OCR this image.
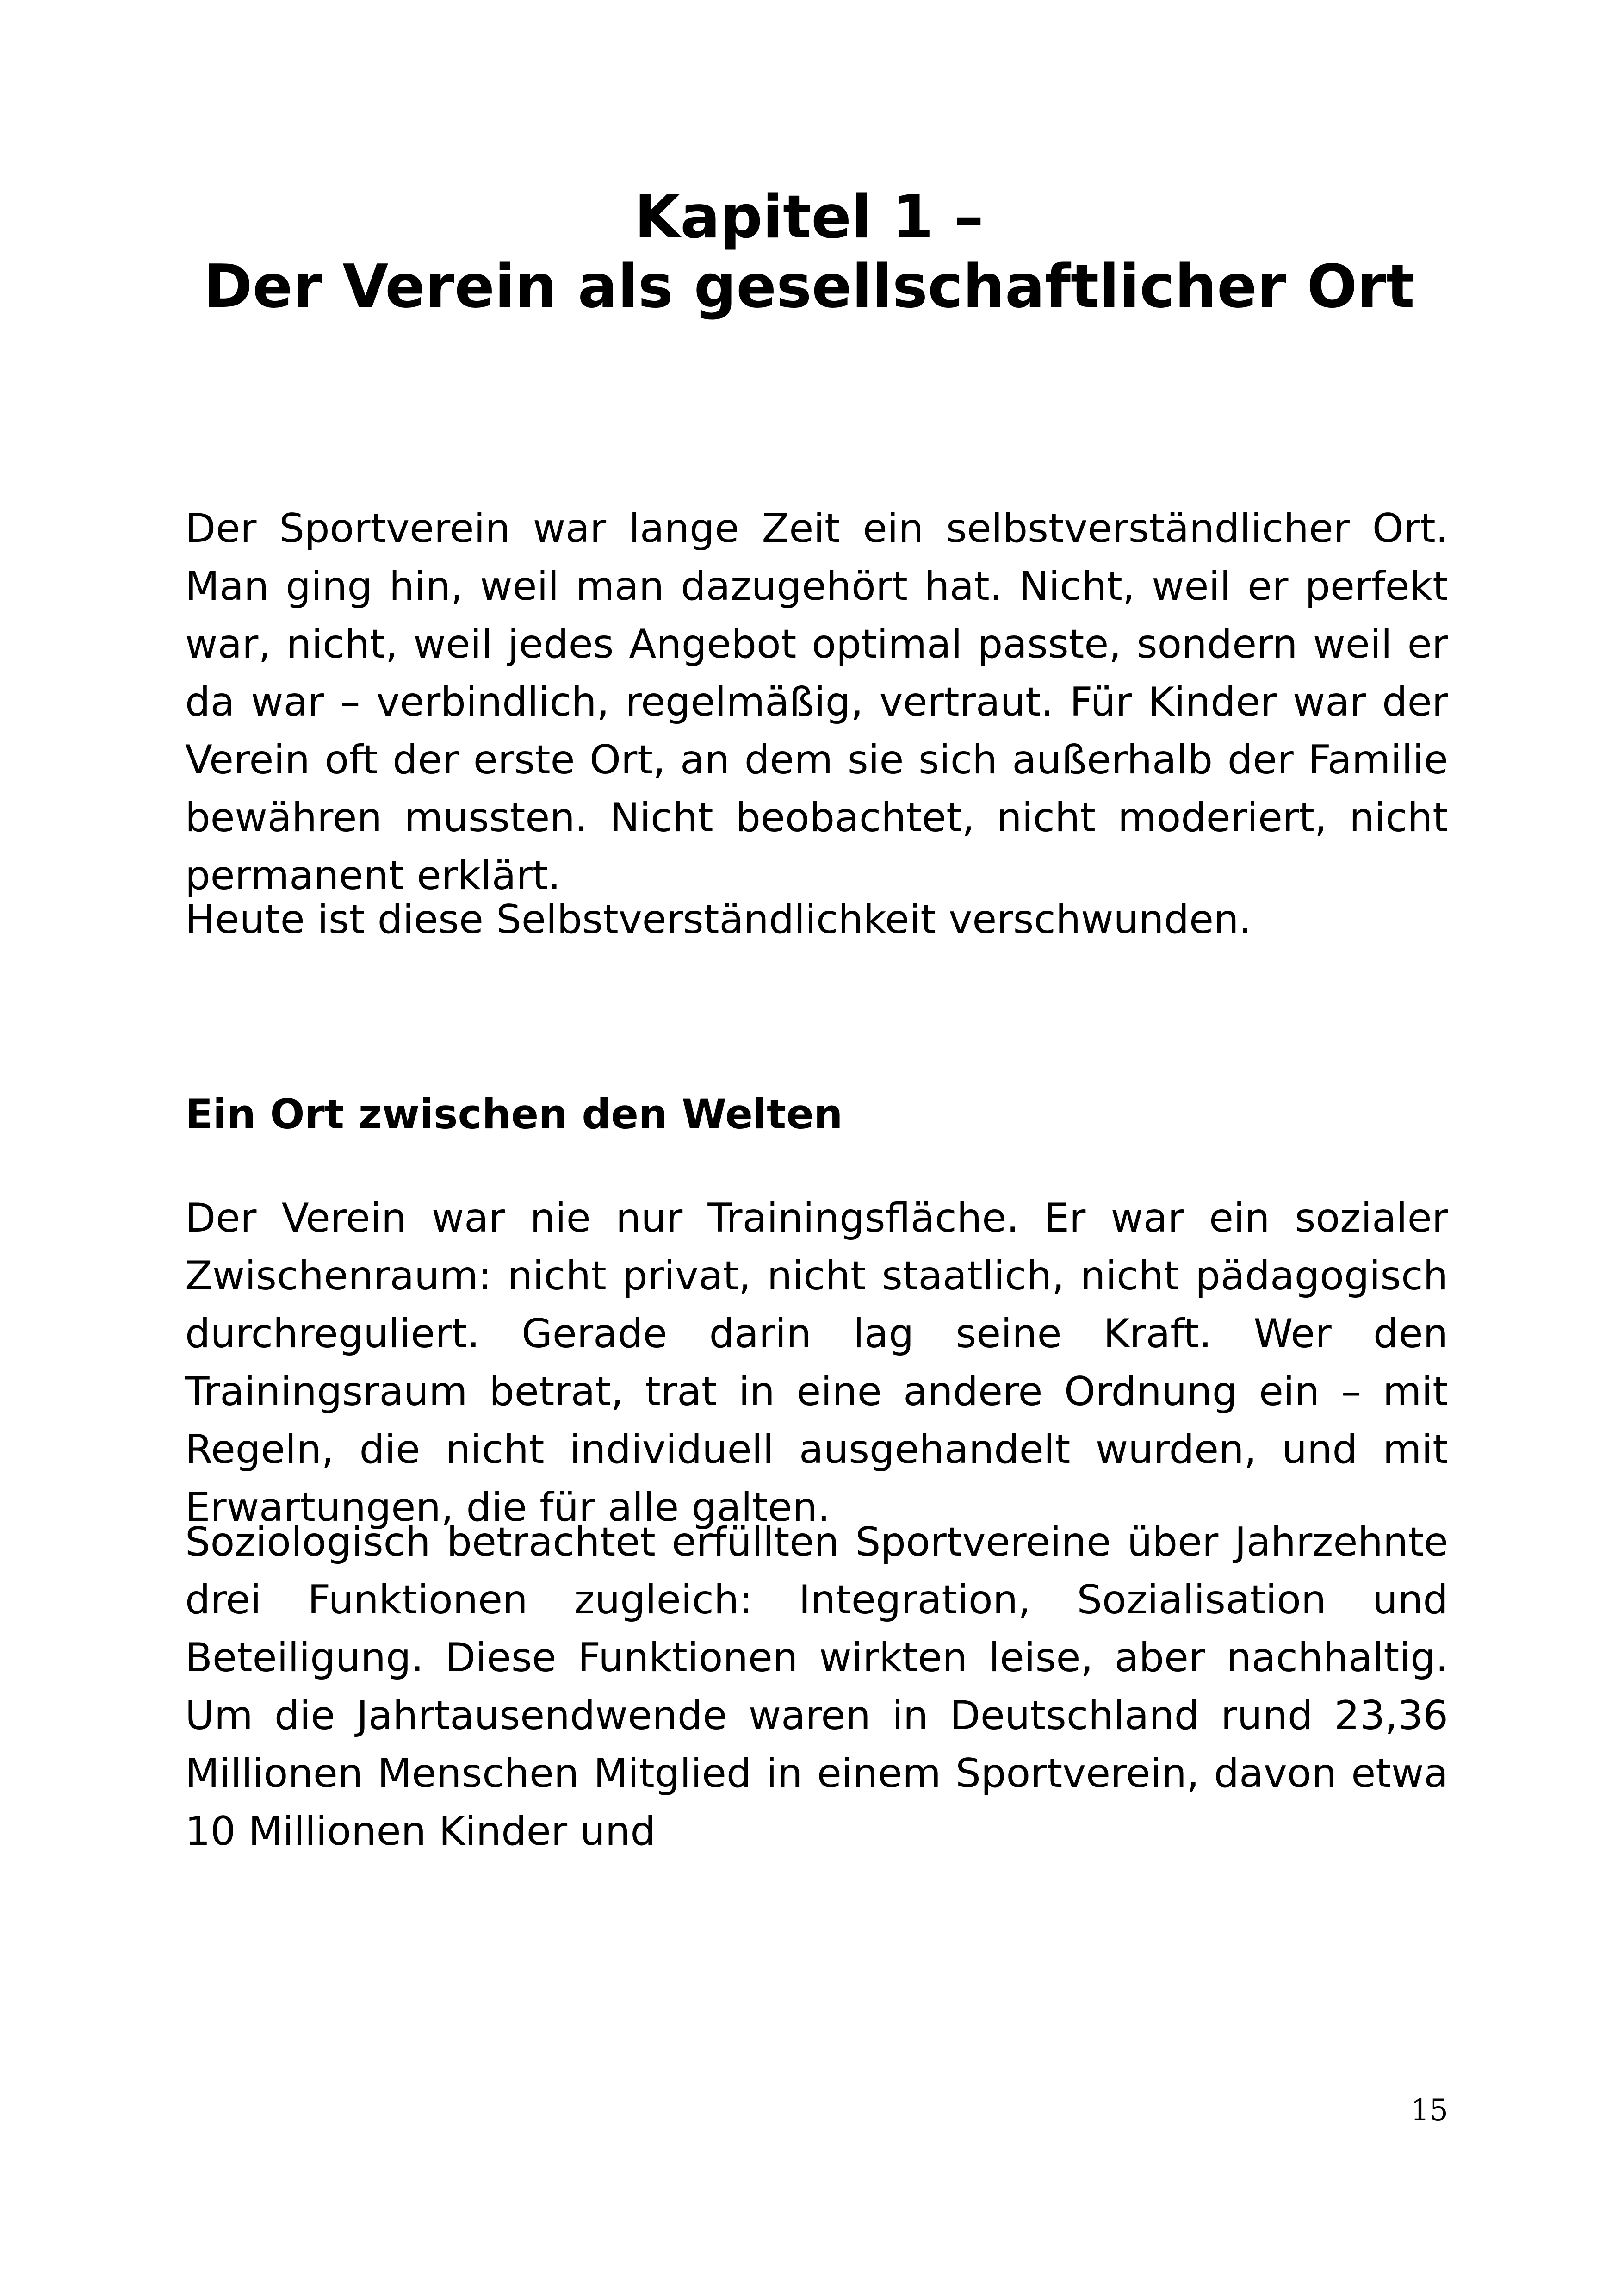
Kapitel 1 –
Der Verein als gesellschaftlicher Ort

Der Sportverein war lange Zeit ein selbstverständlicher Ort. Man ging hin, weil man dazugehört hat. Nicht, weil er perfekt war, nicht, weil jedes Angebot optimal passte, sondern weil er da war – verbindlich, regelmäßig, vertraut. Für Kinder war der Verein oft der erste Ort, an dem sie sich außerhalb der Familie bewähren mussten. Nicht beobachtet, nicht moderiert, nicht permanent erklärt.

Heute ist diese Selbstverständlichkeit verschwunden.

Ein Ort zwischen den Welten

Der Verein war nie nur Trainingsfläche. Er war ein sozialer Zwischenraum: nicht privat, nicht staatlich, nicht pädagogisch durchreguliert. Gerade darin lag seine Kraft. Wer den Trainingsraum betrat, trat in eine andere Ordnung ein – mit Regeln, die nicht individuell ausgehandelt wurden, und mit Erwartungen, die für alle galten.

Soziologisch betrachtet erfüllten Sportvereine über Jahrzehnte drei Funktionen zugleich: Integration, Sozialisation und Beteiligung. Diese Funktionen wirkten leise, aber nachhaltig. Um die Jahrtausendwende waren in Deutschland rund 23,36 Millionen Menschen Mitglied in einem Sportverein, davon etwa 10 Millionen Kinder und

15
